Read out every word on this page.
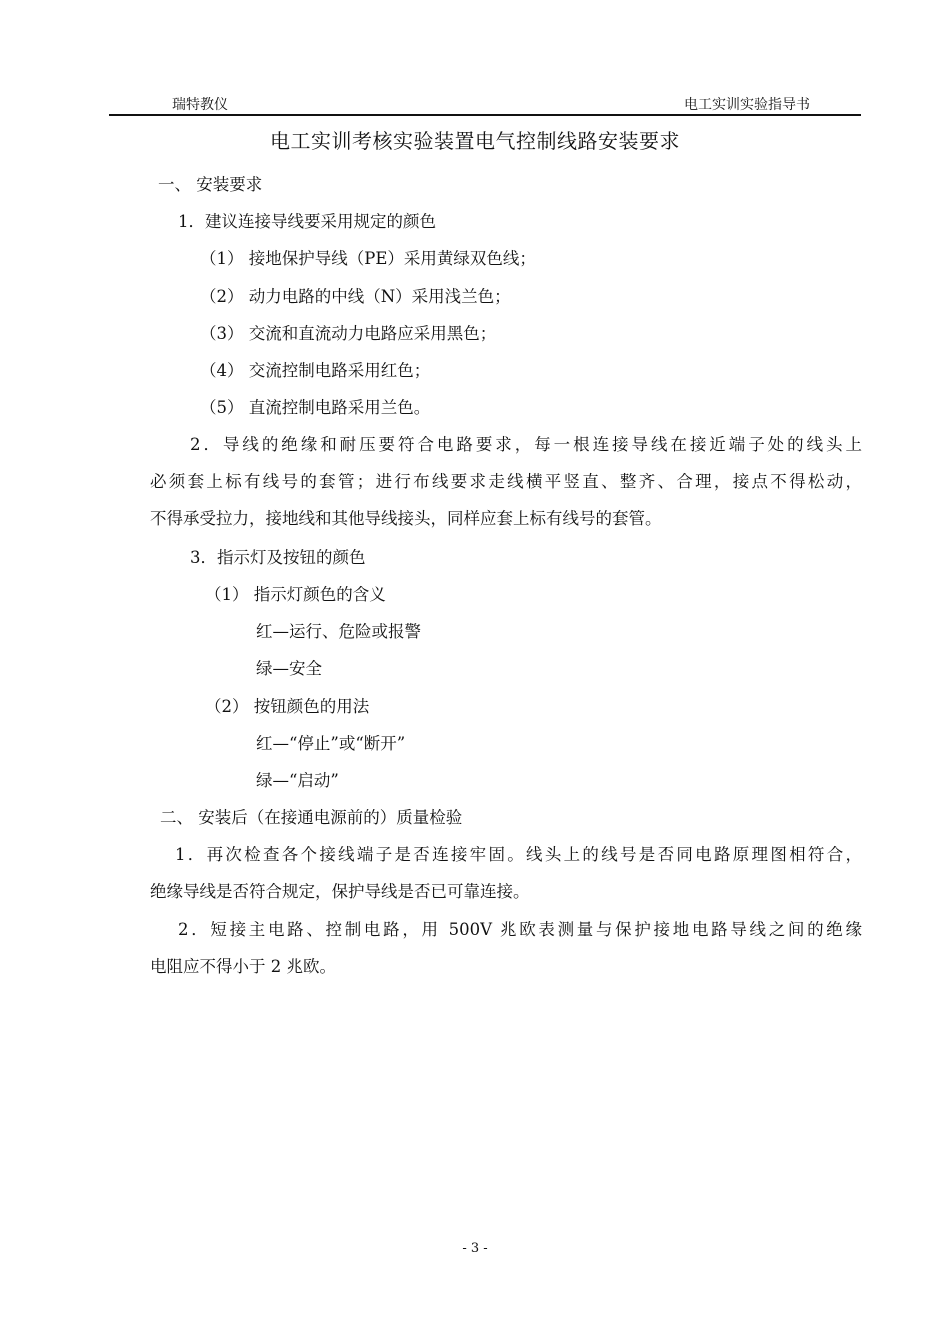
瑞特教仪	电工实训实验指导书
电工实训考核实验装置电气控制线路安装要求
一、 安装要求
1．建议连接导线要采用规定的颜色
（1） 接地保护导线（PE）采用黄绿双色线；
（2） 动力电路的中线（N）采用浅兰色；
（3） 交流和直流动力电路应采用黑色；
（4） 交流控制电路采用红色；
（5） 直流控制电路采用兰色。
2．导线的绝缘和耐压要符合电路要求，每一根连接导线在接近端子处的线头上
必须套上标有线号的套管；进行布线要求走线横平竖直、整齐、合理，接点不得松动，
不得承受拉力，接地线和其他导线接头，同样应套上标有线号的套管。
3．指示灯及按钮的颜色
（1） 指示灯颜色的含义
红—运行、危险或报警
绿—安全
（2） 按钮颜色的用法
红—“停止”或“断开”
绿—“启动”
二、 安装后（在接通电源前的）质量检验
1．再次检查各个接线端子是否连接牢固。线头上的线号是否同电路原理图相符合，
绝缘导线是否符合规定，保护导线是否已可靠连接。
2．短接主电路、控制电路，用 500V 兆欧表测量与保护接地电路导线之间的绝缘
电阻应不得小于 2 兆欧。
- 3 -
